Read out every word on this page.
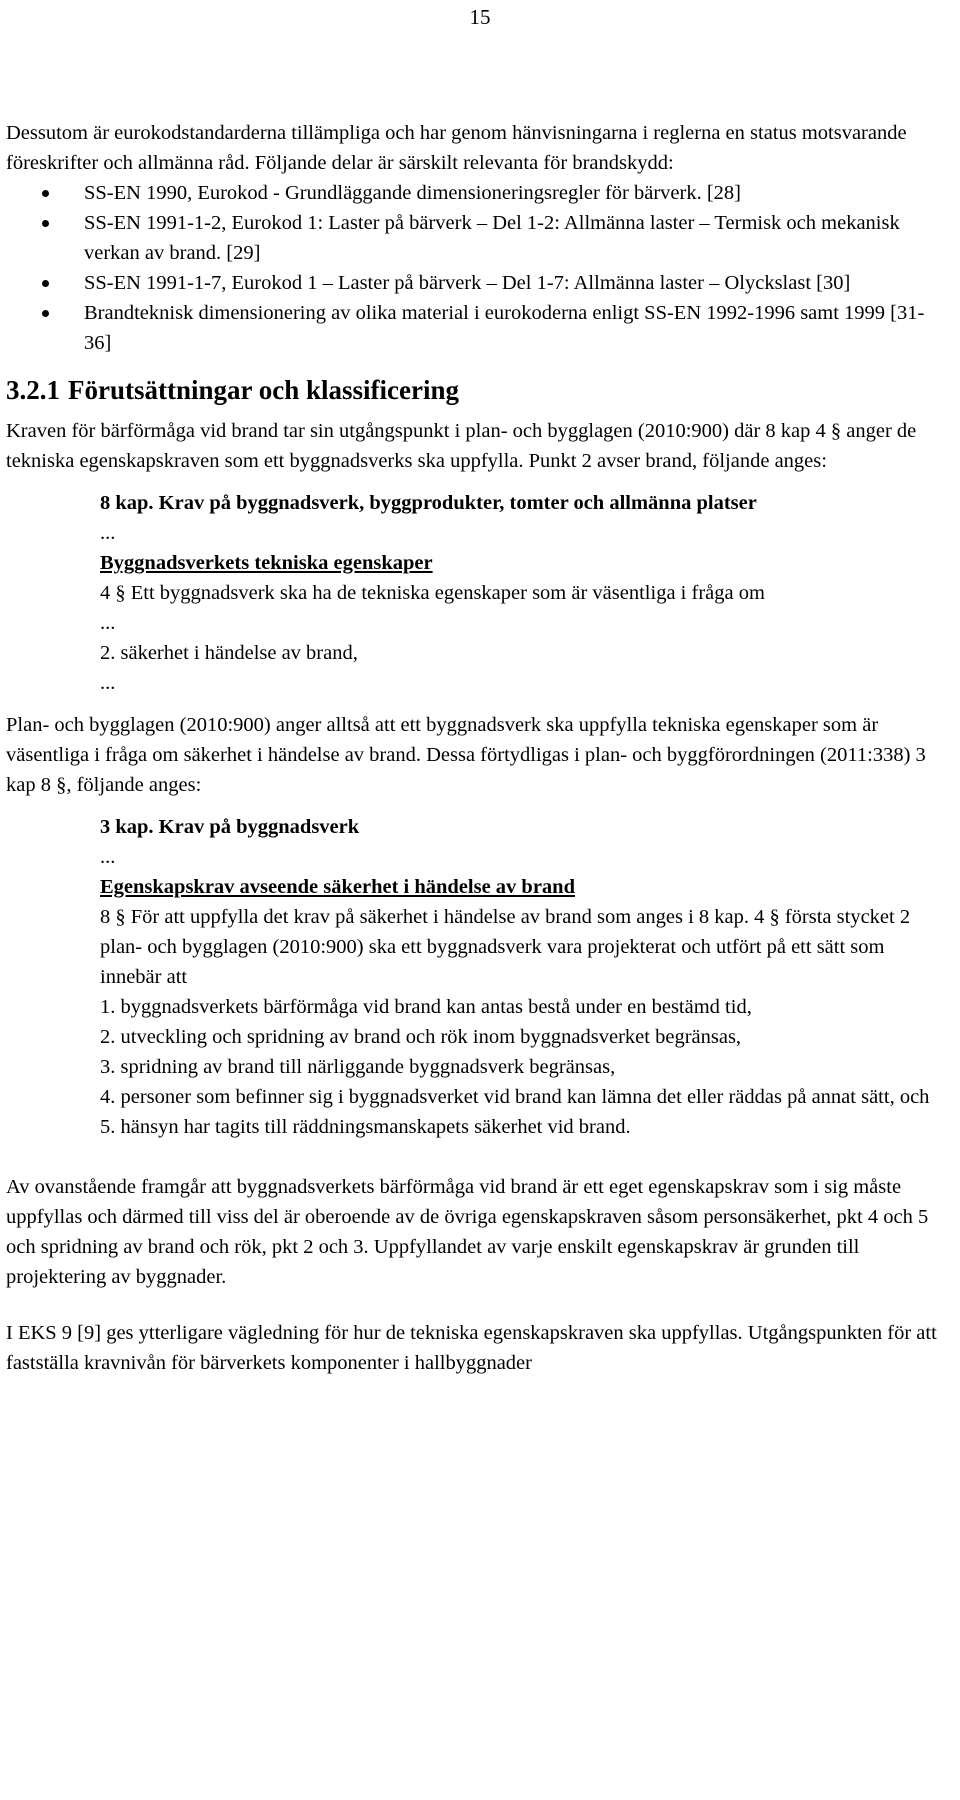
15

Dessutom är eurokodstandarderna tillämpliga och har genom hänvisningarna i reglerna en status motsvarande föreskrifter och allmänna råd. Följande delar är särskilt relevanta för brandskydd:

SS-EN 1990, Eurokod - Grundläggande dimensioneringsregler för bärverk. [28]
SS-EN 1991-1-2, Eurokod 1: Laster på bärverk – Del 1-2: Allmänna laster – Termisk och mekanisk verkan av brand. [29]
SS-EN 1991-1-7, Eurokod 1 – Laster på bärverk – Del 1-7: Allmänna laster – Olyckslast [30]
Brandteknisk dimensionering av olika material i eurokoderna enligt SS-EN 1992-1996 samt 1999 [31-36]
3.2.1 Förutsättningar och klassificering

Kraven för bärförmåga vid brand tar sin utgångspunkt i plan- och bygglagen (2010:900) där 8 kap 4 § anger de tekniska egenskapskraven som ett byggnadsverks ska uppfylla. Punkt 2 avser brand, följande anges:

8 kap. Krav på byggnadsverk, byggprodukter, tomter och allmänna platser

...

Byggnadsverkets tekniska egenskaper

4 § Ett byggnadsverk ska ha de tekniska egenskaper som är väsentliga i fråga om

...

2. säkerhet i händelse av brand,

...

Plan- och bygglagen (2010:900) anger alltså att ett byggnadsverk ska uppfylla tekniska egenskaper som är väsentliga i fråga om säkerhet i händelse av brand. Dessa förtydligas i plan- och byggförordningen (2011:338) 3 kap 8 §, följande anges:

3 kap. Krav på byggnadsverk

...

Egenskapskrav avseende säkerhet i händelse av brand

8 § För att uppfylla det krav på säkerhet i händelse av brand som anges i 8 kap. 4 § första stycket 2 plan- och bygglagen (2010:900) ska ett byggnadsverk vara projekterat och utfört på ett sätt som innebär att

1. byggnadsverkets bärförmåga vid brand kan antas bestå under en bestämd tid,

2. utveckling och spridning av brand och rök inom byggnadsverket begränsas,

3. spridning av brand till närliggande byggnadsverk begränsas,

4. personer som befinner sig i byggnadsverket vid brand kan lämna det eller räddas på annat sätt, och

5. hänsyn har tagits till räddningsmanskapets säkerhet vid brand.

Av ovanstående framgår att byggnadsverkets bärförmåga vid brand är ett eget egenskapskrav som i sig måste uppfyllas och därmed till viss del är oberoende av de övriga egenskapskraven såsom personsäkerhet, pkt 4 och 5 och spridning av brand och rök, pkt 2 och 3. Uppfyllandet av varje enskilt egenskapskrav är grunden till projektering av byggnader.

I EKS 9 [9] ges ytterligare vägledning för hur de tekniska egenskapskraven ska uppfyllas. Utgångspunkten för att fastställa kravnivån för bärverkets komponenter i hallbyggnader
